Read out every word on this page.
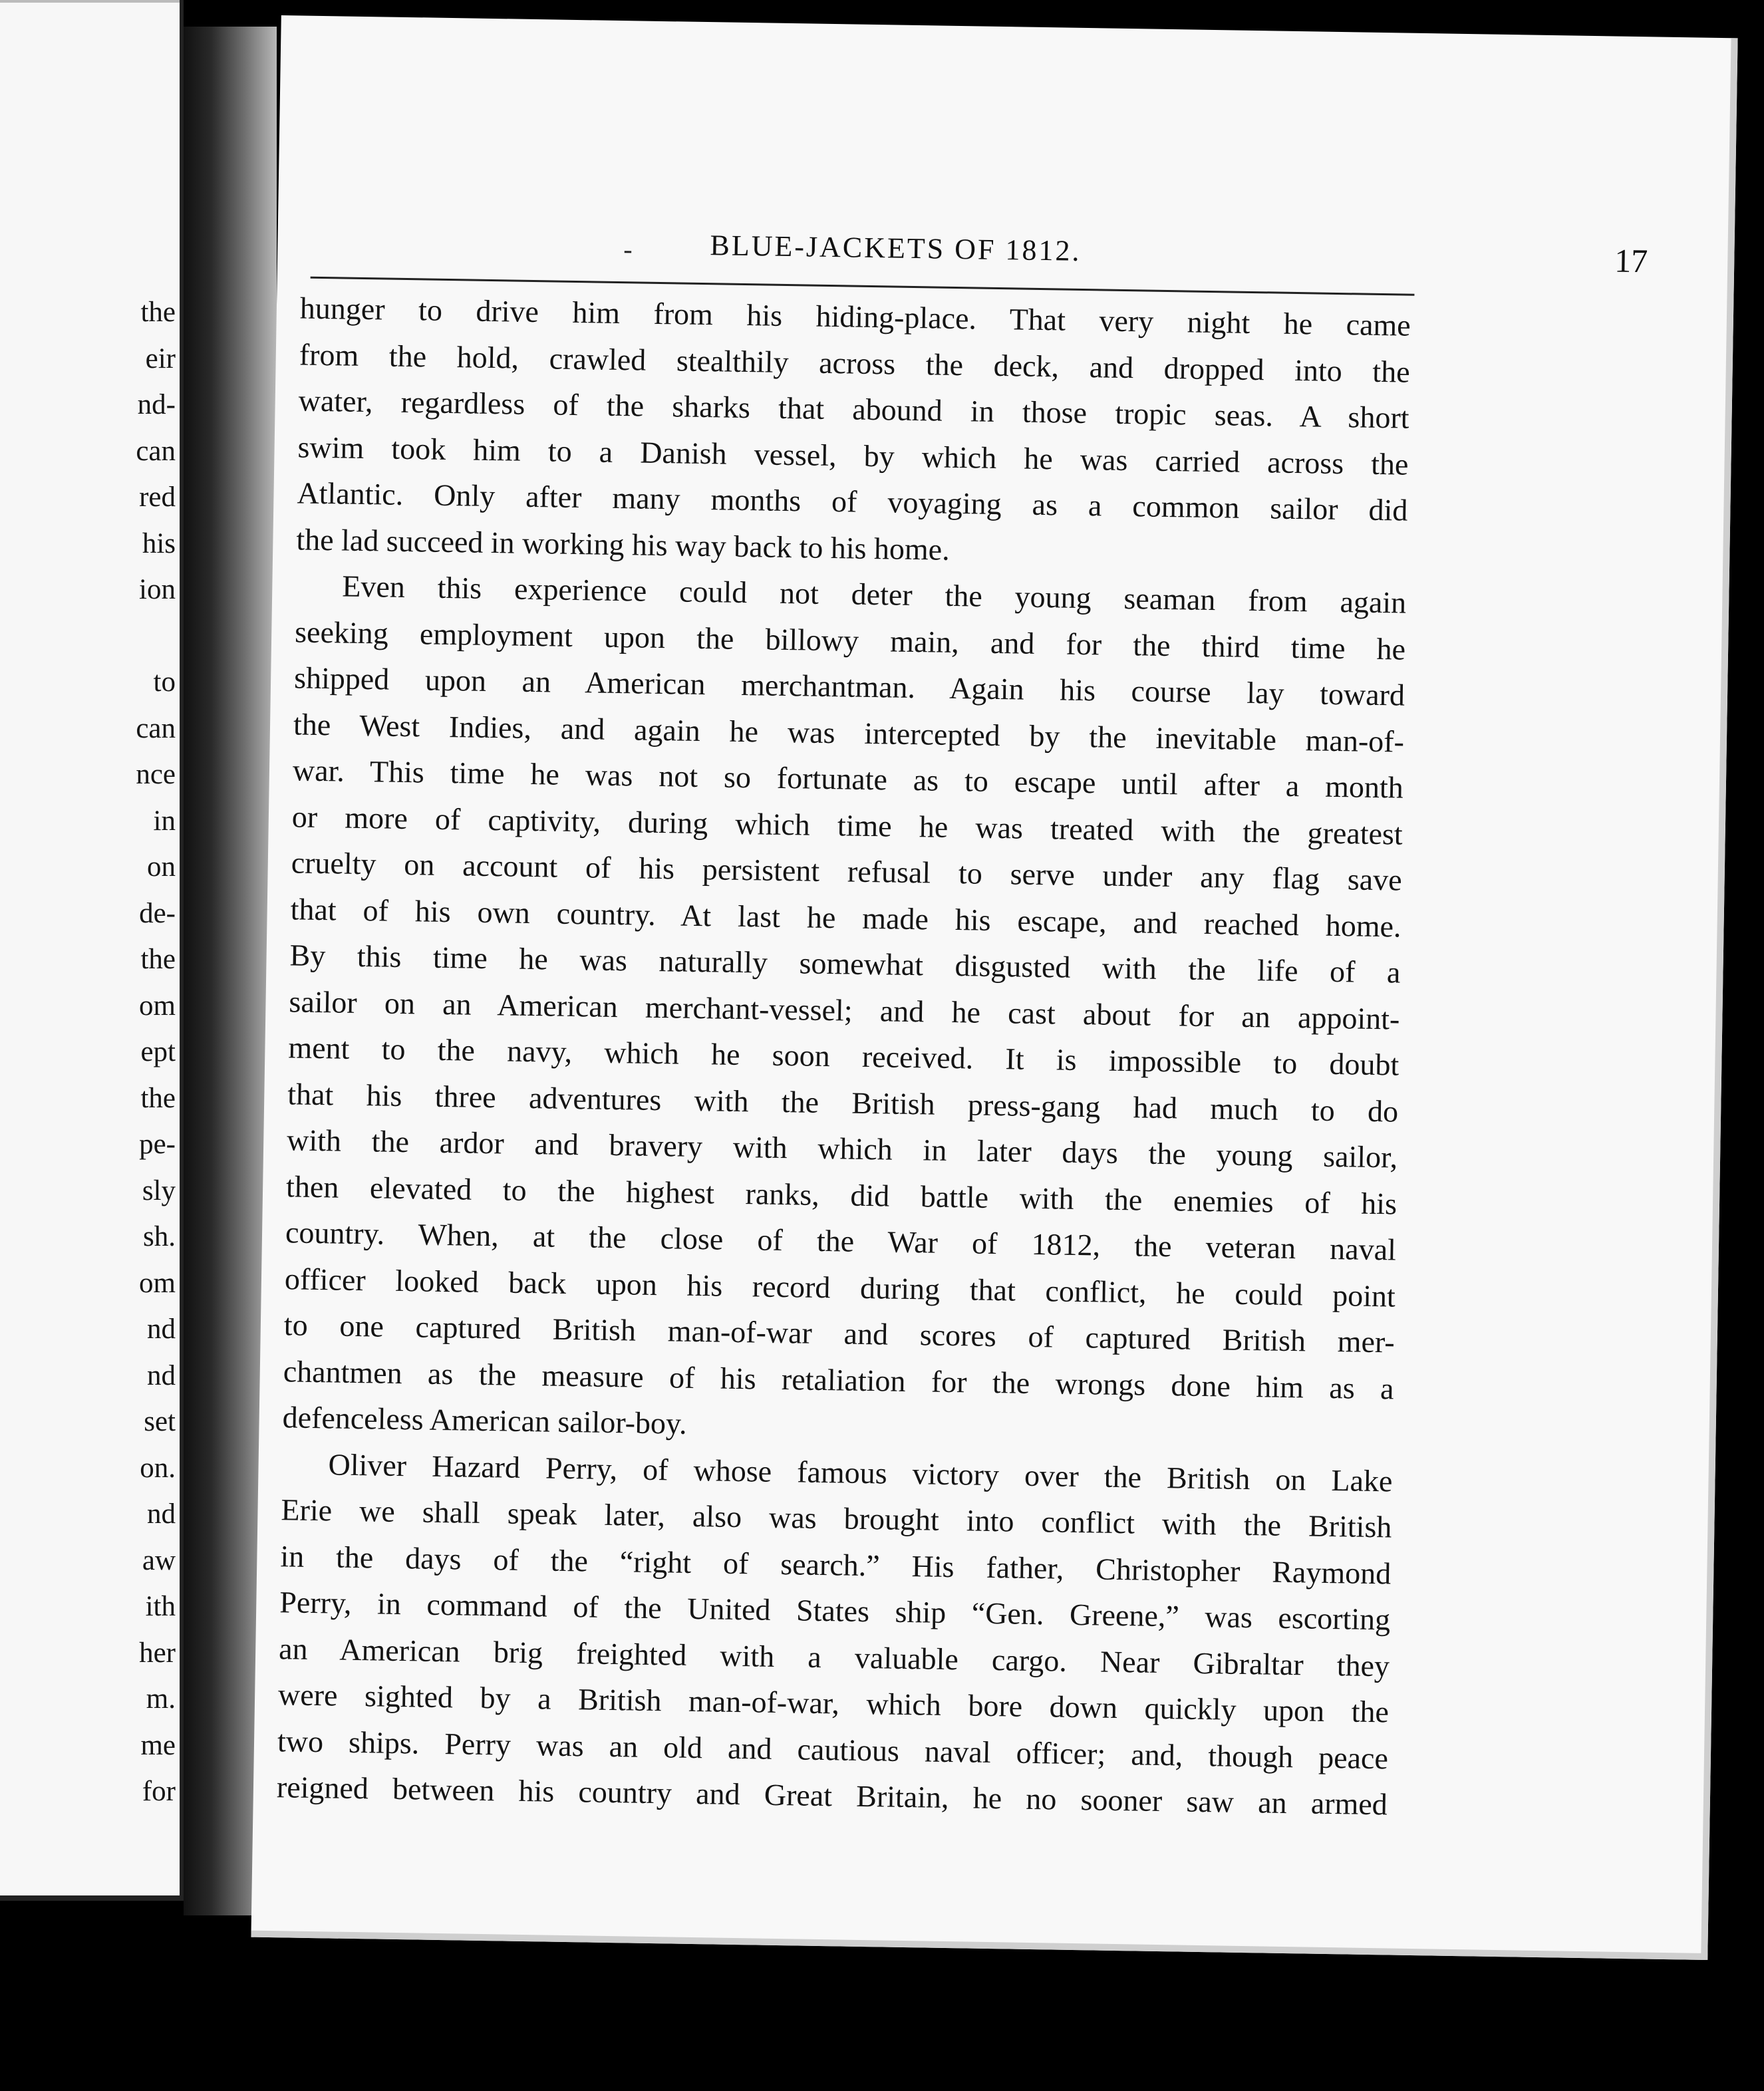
the
eir
nd-
can
red
his
ion
to
can
nce
in
on
de-
the
om
ept
the
pe-
sly
sh.
om
nd
nd
set
on.
nd
aw
ith
her
m.
me
for
-	BLUE-JACKETS OF 1812.	17
hunger to drive him from his hiding-place. That very night he came
from the hold, crawled stealthily across the deck, and dropped into the
water, regardless of the sharks that abound in those tropic seas. A short
swim took him to a Danish vessel, by which he was carried across the
Atlantic. Only after many months of voyaging as a common sailor did
the lad succeed in working his way back to his home.
Even this experience could not deter the young seaman from again
seeking employment upon the billowy main, and for the third time he
shipped upon an American merchantman. Again his course lay toward
the West Indies, and again he was intercepted by the inevitable man-of-
war. This time he was not so fortunate as to escape until after a month
or more of captivity, during which time he was treated with the greatest
cruelty on account of his persistent refusal to serve under any flag save
that of his own country. At last he made his escape, and reached home.
By this time he was naturally somewhat disgusted with the life of a
sailor on an American merchant-vessel; and he cast about for an appoint-
ment to the navy, which he soon received. It is impossible to doubt
that his three adventures with the British press-gang had much to do
with the ardor and bravery with which in later days the young sailor,
then elevated to the highest ranks, did battle with the enemies of his
country. When, at the close of the War of 1812, the veteran naval
officer looked back upon his record during that conflict, he could point
to one captured British man-of-war and scores of captured British mer-
chantmen as the measure of his retaliation for the wrongs done him as a
defenceless American sailor-boy.
Oliver Hazard Perry, of whose famous victory over the British on Lake
Erie we shall speak later, also was brought into conflict with the British
in the days of the “right of search.” His father, Christopher Raymond
Perry, in command of the United States ship “Gen. Greene,” was escorting
an American brig freighted with a valuable cargo. Near Gibraltar they
were sighted by a British man-of-war, which bore down quickly upon the
two ships. Perry was an old and cautious naval officer; and, though peace
reigned between his country and Great Britain, he no sooner saw an armed
